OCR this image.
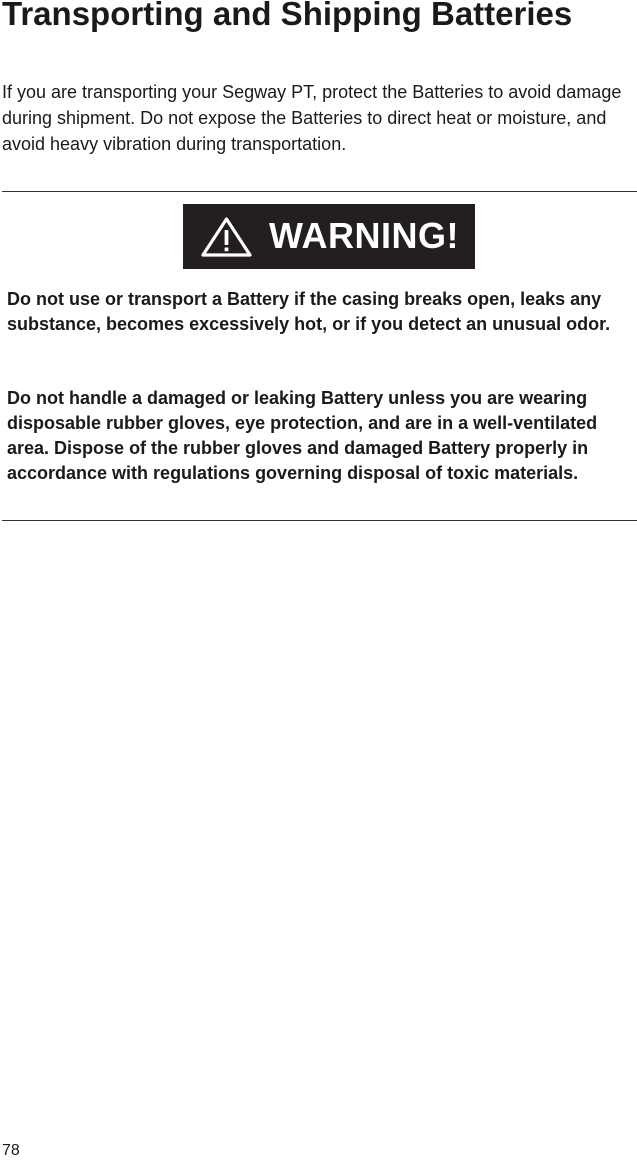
Transporting and Shipping Batteries

If you are transporting your Segway PT, protect the Batteries to avoid damage during shipment. Do not expose the Batteries to direct heat or moisture, and avoid heavy vibration during transportation.

WARNING!

Do not use or transport a Battery if the casing breaks open, leaks any substance, becomes excessively hot, or if you detect an unusual odor.

Do not handle a damaged or leaking Battery unless you are wearing disposable rubber gloves, eye protection, and are in a well-ventilated area. Dispose of the rubber gloves and damaged Battery properly in accordance with regulations governing disposal of toxic materials.

78
